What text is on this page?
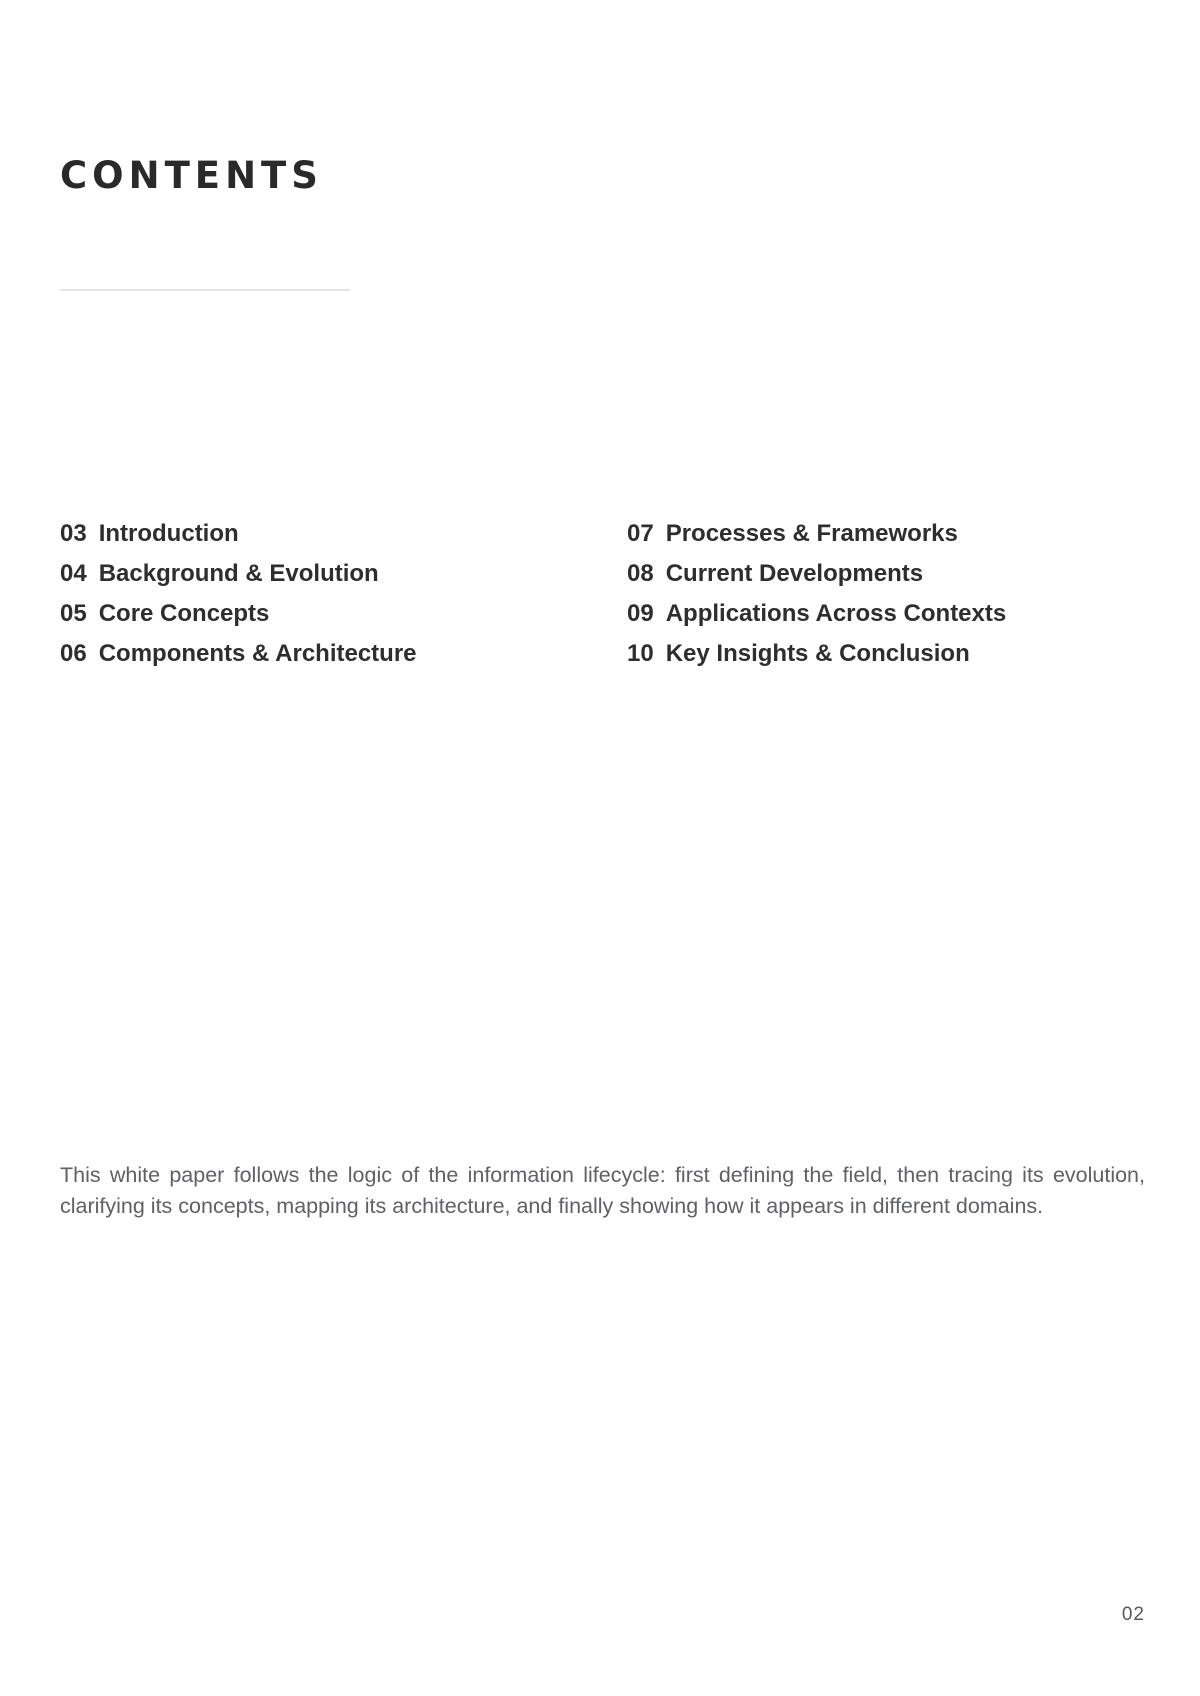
CONTENTS
03 Introduction
04 Background & Evolution
05 Core Concepts
06 Components & Architecture
07 Processes & Frameworks
08 Current Developments
09 Applications Across Contexts
10 Key Insights & Conclusion

This white paper follows the logic of the information lifecycle: first defining the field, then tracing its evolution, clarifying its concepts, mapping its architecture, and finally showing how it appears in different domains.

02
